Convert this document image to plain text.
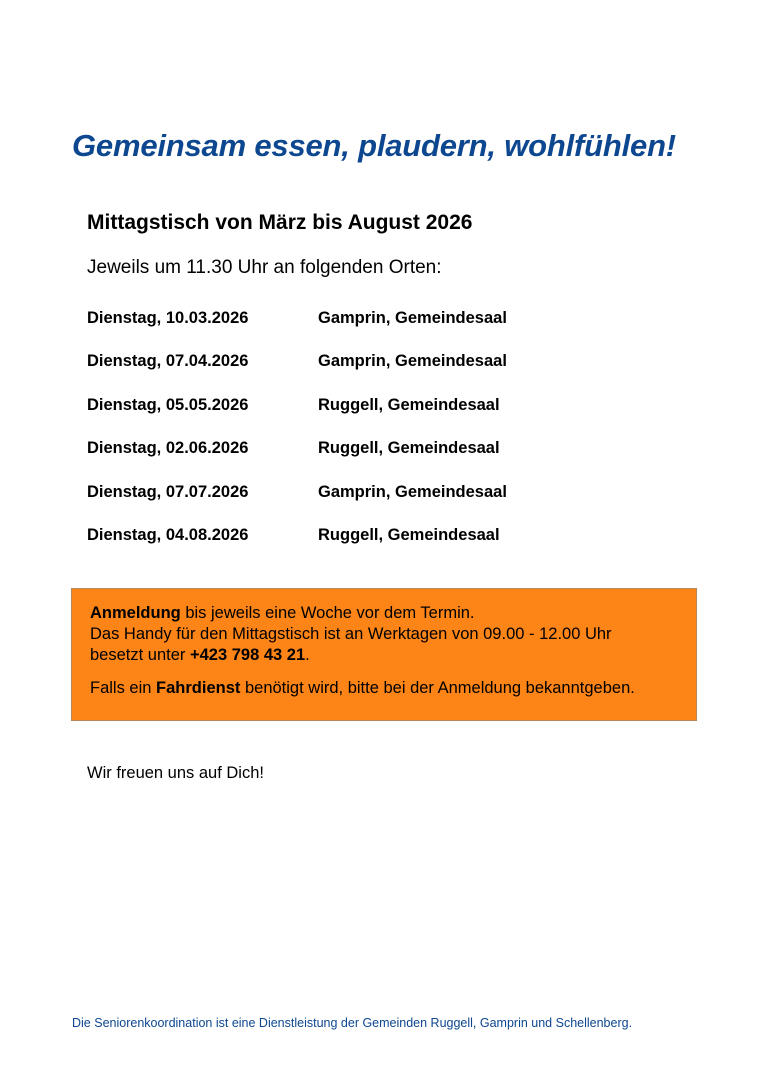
Gemeinsam essen, plaudern, wohlfühlen!
Mittagstisch von März bis August 2026

Jeweils um 11.30 Uhr an folgenden Orten:

Dienstag, 10.03.2026	Gamprin, Gemeindesaal
Dienstag, 07.04.2026	Gamprin, Gemeindesaal
Dienstag, 05.05.2026	Ruggell, Gemeindesaal
Dienstag, 02.06.2026	Ruggell, Gemeindesaal
Dienstag, 07.07.2026	Gamprin, Gemeindesaal
Dienstag, 04.08.2026	Ruggell, Gemeindesaal

Anmeldung bis jeweils eine Woche vor dem Termin.
Das Handy für den Mittagstisch ist an Werktagen von 09.00 - 12.00 Uhr
besetzt unter +423 798 43 21.

Falls ein Fahrdienst benötigt wird, bitte bei der Anmeldung bekanntgeben.

Wir freuen uns auf Dich!

Die Seniorenkoordination ist eine Dienstleistung der Gemeinden Ruggell, Gamprin und Schellenberg.
